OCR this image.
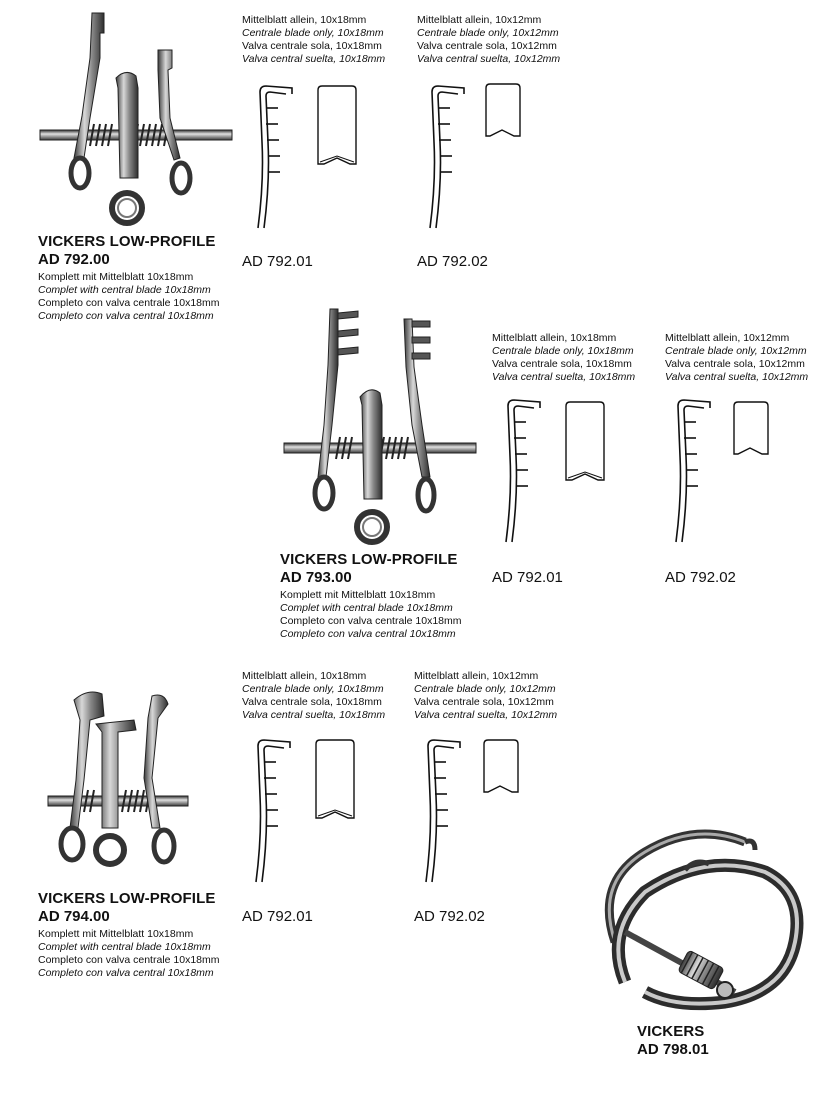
VICKERS LOW-PROFILE
AD 792.00
Komplett mit Mittelblatt 10x18mm
Complet with central blade 10x18mm
Completo con valva centrale 10x18mm
Completo con valva central 10x18mm
Mittelblatt allein, 10x18mm
Centrale blade only, 10x18mm
Valva centrale sola, 10x18mm
Valva central suelta, 10x18mm
AD 792.01
Mittelblatt allein, 10x12mm
Centrale blade only, 10x12mm
Valva centrale sola, 10x12mm
Valva central suelta, 10x12mm
AD 792.02
VICKERS LOW-PROFILE
AD 793.00
Komplett mit Mittelblatt 10x18mm
Complet with central blade 10x18mm
Completo con valva centrale 10x18mm
Completo con valva central 10x18mm
Mittelblatt allein, 10x18mm
Centrale blade only, 10x18mm
Valva centrale sola, 10x18mm
Valva central suelta, 10x18mm
AD 792.01
Mittelblatt allein, 10x12mm
Centrale blade only, 10x12mm
Valva centrale sola, 10x12mm
Valva central suelta, 10x12mm
AD 792.02
VICKERS LOW-PROFILE
AD 794.00
Komplett mit Mittelblatt 10x18mm
Complet with central blade 10x18mm
Completo con valva centrale 10x18mm
Completo con valva central 10x18mm
Mittelblatt allein, 10x18mm
Centrale blade only, 10x18mm
Valva centrale sola, 10x18mm
Valva central suelta, 10x18mm
AD 792.01
Mittelblatt allein, 10x12mm
Centrale blade only, 10x12mm
Valva centrale sola, 10x12mm
Valva central suelta, 10x12mm
AD 792.02
VICKERS
AD 798.01
